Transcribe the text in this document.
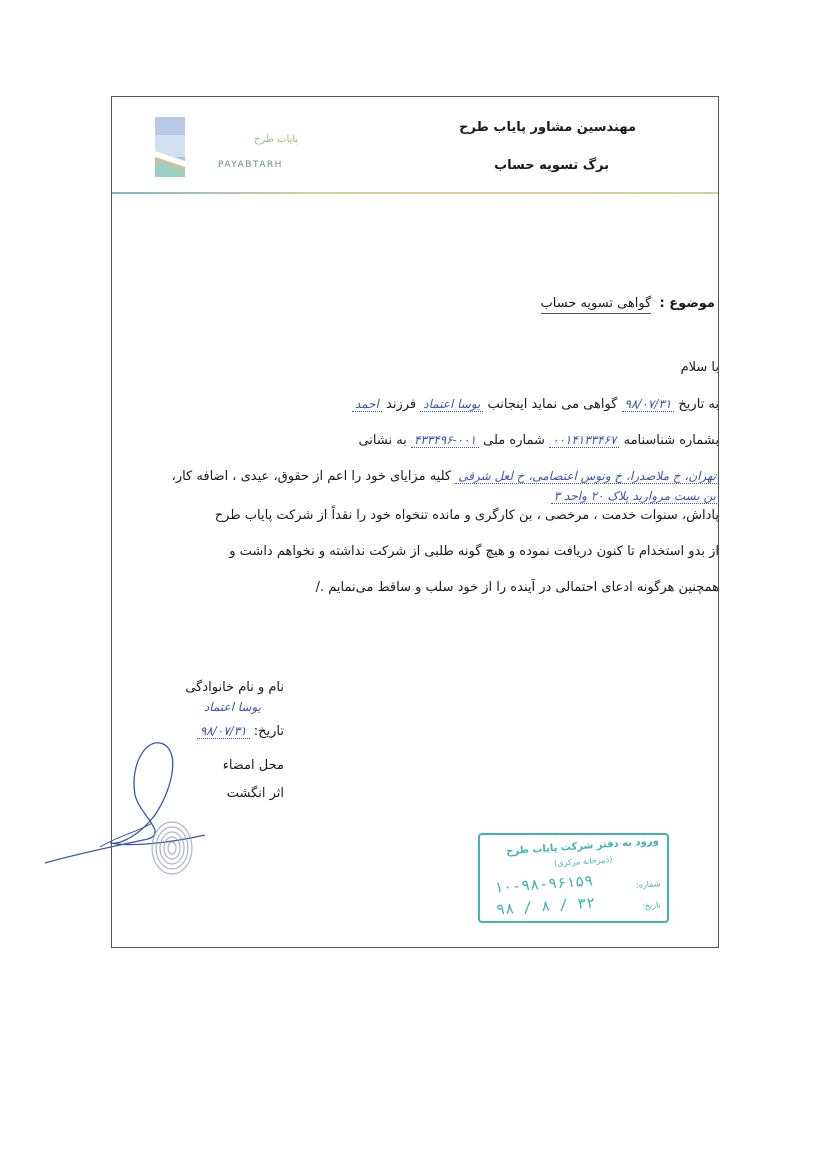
پایاب طرح
PAYABTARH
مهندسین مشاور پایاب طرح
برگ تسویه حساب
موضوع : گواهی تسویه حساب
با سلام
به تاریخ ۹۸/۰۷/۳۱ گواهی می نماید اینجانب یوسا اعتماد فرزند احمد
بشماره شناسنامه ۰۰۱۴۱۳۳۴۶۷ شماره ملی ۰۰۱-۴۳۳۴۹۶ به نشانی
تهران، خ ملاصدرا، خ ونوس اعتصامی، خ لعل شرقی کلیه مزایای خود را اعم از حقوق، عیدی ، اضافه کار،
بن بست مروارید پلاک ۲۰ واحد ۳
پاداش، سنوات خدمت ، مرخصی ، بن کارگری و مانده تنخواه خود را نقداً از شرکت پایاب طرح
از بدو استخدام تا کنون دریافت نموده و هیچ گونه طلبی از شرکت نداشته و نخواهم داشت و
همچنین هرگونه ادعای احتمالی در آینده را از خود سلب و ساقط می‌نمایم ./
نام و نام خانوادگی
یوسا اعتماد
تاریخ: ۹۸/۰۷/۳۱
محل امضاء
اثر انگشت
ورود به دفتر شرکت پایاب طرح
(دبیرخانه مرکزی)
شماره:
۱۰-۹۸-۹۶۱۵۹
تاریخ:
۹۸ / ۸ / ۳۲
